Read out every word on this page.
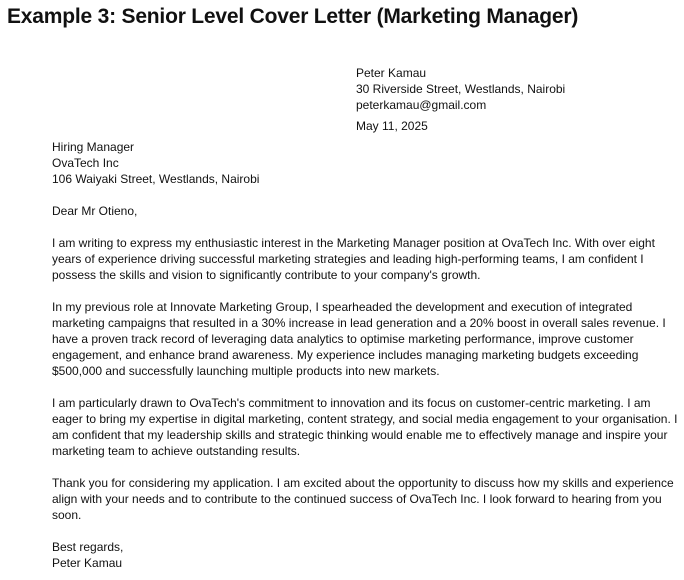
Example 3: Senior Level Cover Letter (Marketing Manager)
Peter Kamau
30 Riverside Street, Westlands, Nairobi
peterkamau@gmail.com
May 11, 2025
Hiring Manager
OvaTech Inc
106 Waiyaki Street, Westlands, Nairobi

Dear Mr Otieno,

I am writing to express my enthusiastic interest in the Marketing Manager position at OvaTech Inc. With over eight years of experience driving successful marketing strategies and leading high-performing teams, I am confident I possess the skills and vision to significantly contribute to your company's growth.

In my previous role at Innovate Marketing Group, I spearheaded the development and execution of integrated marketing campaigns that resulted in a 30% increase in lead generation and a 20% boost in overall sales revenue. I have a proven track record of leveraging data analytics to optimise marketing performance, improve customer engagement, and enhance brand awareness. My experience includes managing marketing budgets exceeding $500,000 and successfully launching multiple products into new markets.

I am particularly drawn to OvaTech's commitment to innovation and its focus on customer-centric marketing. I am eager to bring my expertise in digital marketing, content strategy, and social media engagement to your organisation. I am confident that my leadership skills and strategic thinking would enable me to effectively manage and inspire your marketing team to achieve outstanding results.

Thank you for considering my application. I am excited about the opportunity to discuss how my skills and experience align with your needs and to contribute to the continued success of OvaTech Inc. I look forward to hearing from you soon.

Best regards,

Peter Kamau
